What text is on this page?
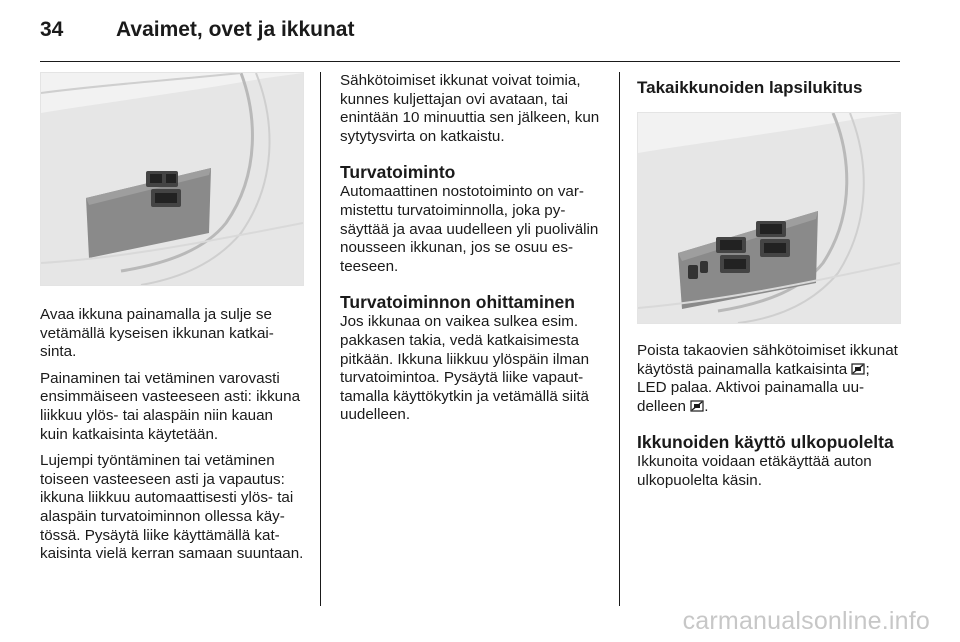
34	Avaimet, ovet ja ikkunat

Avaa ikkuna painamalla ja sulje se vetämällä kyseisen ikkunan katkaisinta.

Painaminen tai vetäminen varovasti ensimmäiseen vasteeseen asti: ikkuna liikkuu ylös- tai alaspäin niin kauan kuin katkaisinta käytetään.

Lujempi työntäminen tai vetäminen toiseen vasteeseen asti ja vapautus: ikkuna liikkuu automaattisesti ylös- tai alaspäin turvatoiminnon ollessa käytössä. Pysäytä liike käyttämällä katkaisinta vielä kerran samaan suuntaan.

Sähkötoimiset ikkunat voivat toimia, kunnes kuljettajan ovi avataan, tai enintään 10 minuuttia sen jälkeen, kun sytytysvirta on katkaistu.

Turvatoiminto

Automaattinen nostotoiminto on varmistettu turvatoiminnolla, joka pysäyttää ja avaa uudelleen yli puolivälin nousseen ikkunan, jos se osuu esteeseen.

Turvatoiminnon ohittaminen

Jos ikkunaa on vaikea sulkea esim. pakkasen takia, vedä katkaisimesta pitkään. Ikkuna liikkuu ylöspäin ilman turvatoimintoa. Pysäytä liike vapauttamalla käyttökytkin ja vetämällä siitä uudelleen.

Takaikkunoiden lapsilukitus

Poista takaovien sähkötoimiset ikkunat käytöstä painamalla katkaisinta ; LED palaa. Aktivoi painamalla uudelleen .

Ikkunoiden käyttö ulkopuolelta

Ikkunoita voidaan etäkäyttää auton ulkopuolelta käsin.

carmanualsonline.info
